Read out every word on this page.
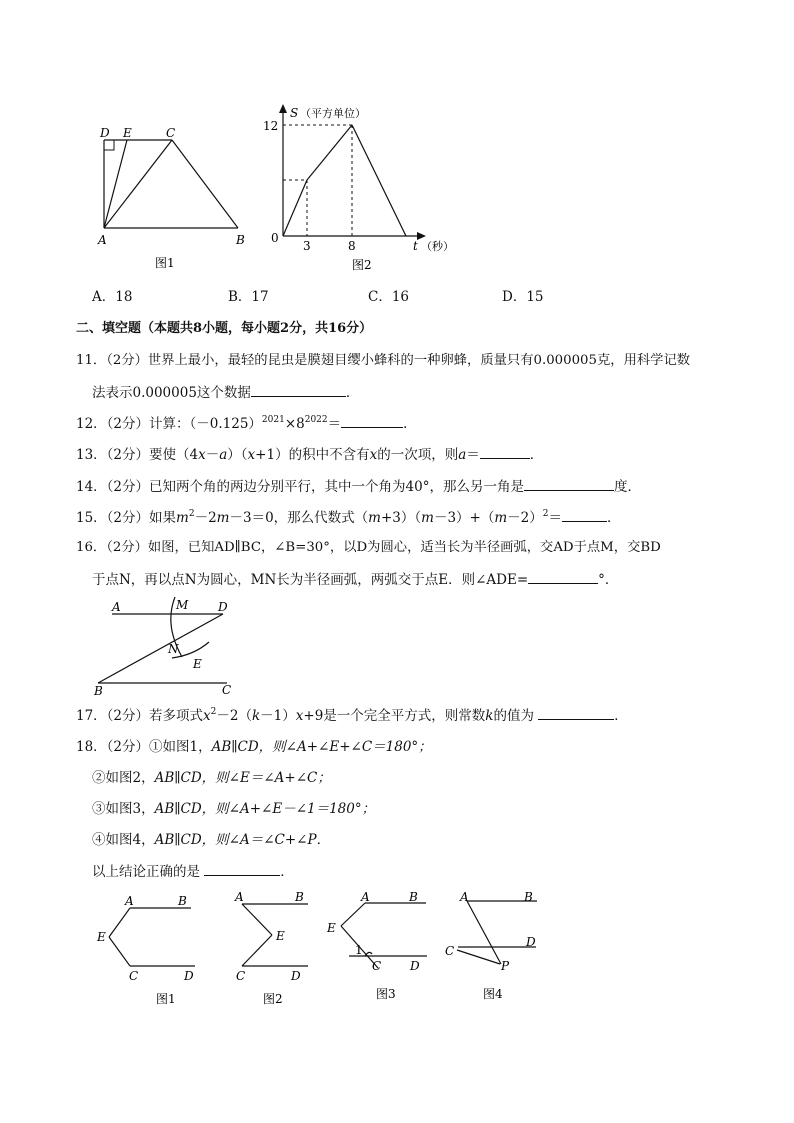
D E	C
A	B
图1
S （平方单位）
12
0
3	8	t （秒）
图2
A．18	B．17	C．16	D．15
二、填空题（本题共8小题，每小题2分，共16分）
11．（2分）世界上最小，最轻的昆虫是膜翅目缨小蜂科的一种卵蜂，质量只有0.000005克，用科学记数
法表示0.000005这个数据	．
12．（2分）计算：$(-0.125)^{2021}\times 8^{2022}=$	．
13．（2分）要使（4x－a）（x+1）的积中不含有x的一次项，则a＝	．
14．（2分）已知两个角的两边分别平行，其中一个角为40°，那么另一角是	度．
15．（2分）如果$m^2-2m-3=0$，那么代数式$(m+3)(m-3)+(m-2)^2=$	．
16．（2分）如图，已知AD∥BC，∠B=30°，以D为圆心，适当长为半径画弧，交AD于点M，交BD
于点N，再以点N为圆心，MN长为半径画弧，两弧交于点E．则∠ADE=	°．
A	M D
N
E
B	C
17．（2分）若多项式$x^2-2(k-1)x+9$是一个完全平方式，则常数k的值为	．
18．（2分）①如图1，AB∥CD，则∠A+∠E+∠C＝180°；
②如图2，AB∥CD，则∠E＝∠A+∠C；
③如图3，AB∥CD，则∠A+∠E－∠1＝180°；
④如图4，AB∥CD，则∠A＝∠C+∠P．
以上结论正确的是	．
A	B
E
C	D
图1
A	B
E
C	D
图2
A	B
E
1
C D
图3
A	B
C
D
P
图4
